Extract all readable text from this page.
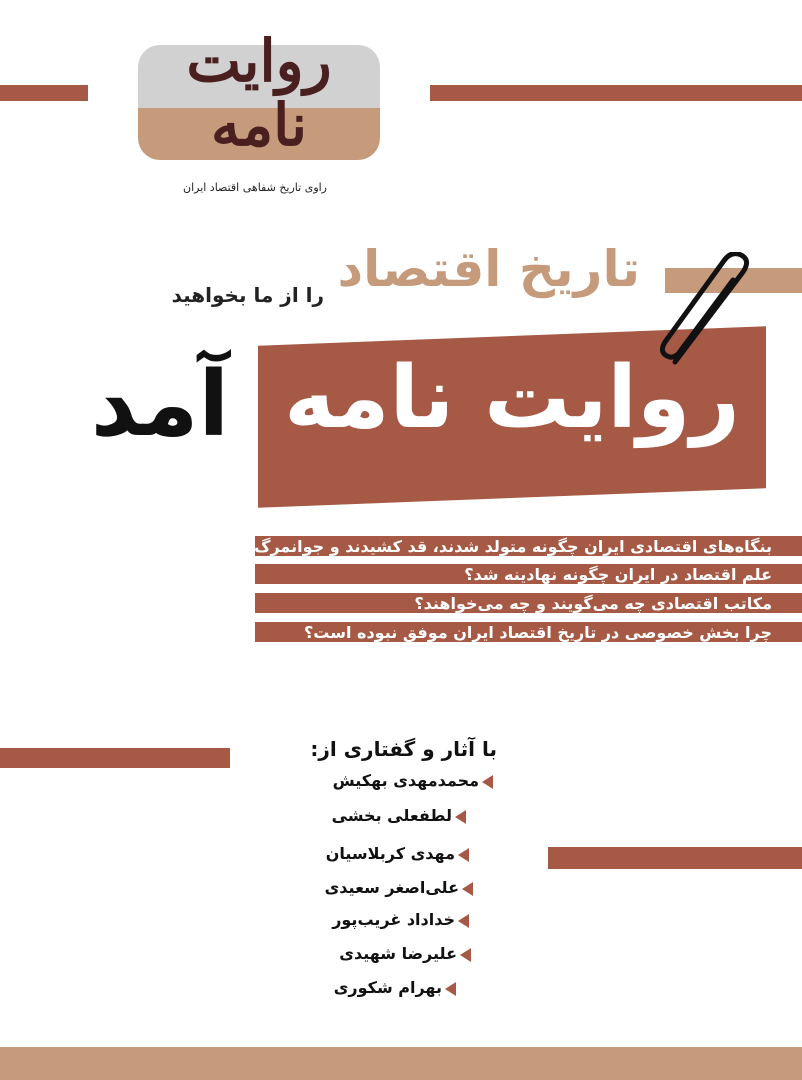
روایت نامه
راوی تاریخ شفاهی اقتصاد ایران
تاریخ اقتصاد
را از ما بخواهید
روایت نامه
آمد
بنگاه‌های اقتصادی ایران چگونه متولد شدند، قد کشیدند و جوانمرگ شدند؟
علم اقتصاد در ایران چگونه نهادینه شد؟
مکاتب اقتصادی چه می‌گویند و چه می‌خواهند؟
چرا بخش خصوصی در تاریخ اقتصاد ایران موفق نبوده است؟
با آثار و گفتاری از:
محمدمهدی بهکیش
لطفعلی بخشی
مهدی کربلاسیان
علی‌اصغر سعیدی
خداداد غریب‌پور
علیرضا شهیدی
بهرام شکوری
